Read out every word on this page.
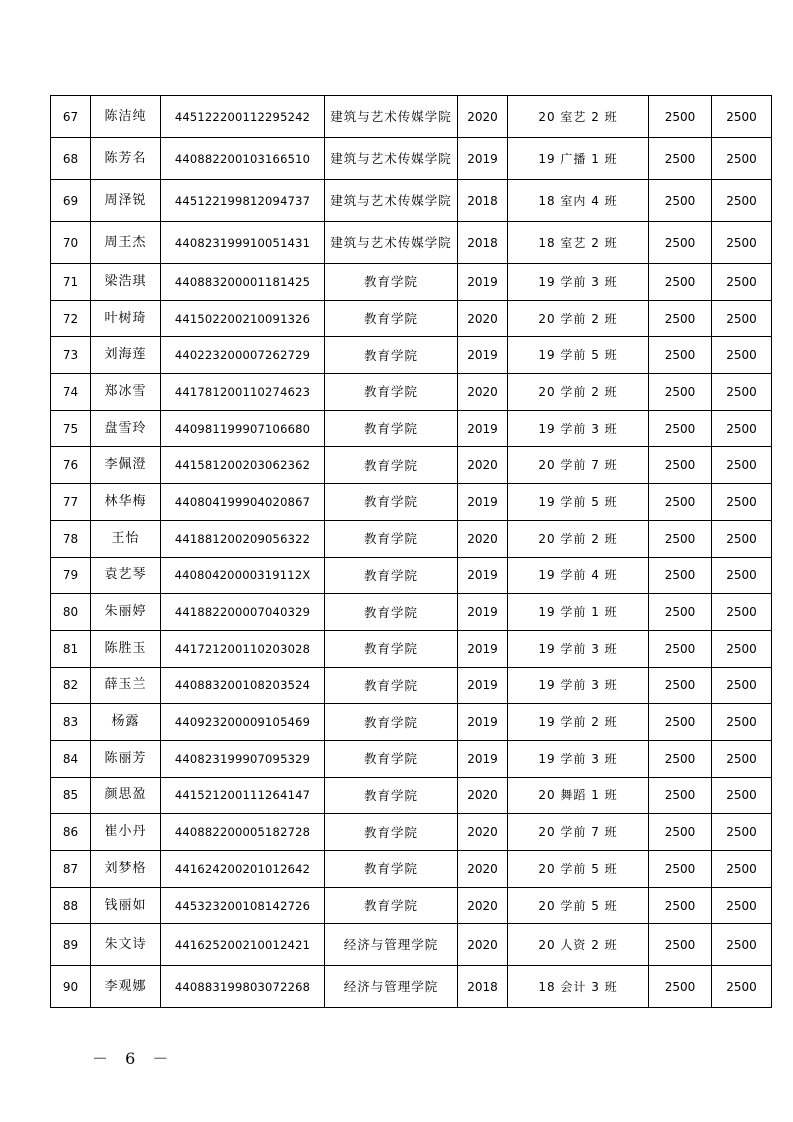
67	陈洁纯	445122200112295242	建筑与艺术传媒学院	2020	20 室艺 2 班	2500	2500
68	陈芳名	440882200103166510	建筑与艺术传媒学院	2019	19 广播 1 班	2500	2500
69	周泽锐	445122199812094737	建筑与艺术传媒学院	2018	18 室内 4 班	2500	2500
70	周王杰	440823199910051431	建筑与艺术传媒学院	2018	18 室艺 2 班	2500	2500
71	梁浩琪	440883200001181425	教育学院	2019	19 学前 3 班	2500	2500
72	叶树琦	441502200210091326	教育学院	2020	20 学前 2 班	2500	2500
73	刘海莲	440223200007262729	教育学院	2019	19 学前 5 班	2500	2500
74	郑冰雪	441781200110274623	教育学院	2020	20 学前 2 班	2500	2500
75	盘雪玲	440981199907106680	教育学院	2019	19 学前 3 班	2500	2500
76	李佩澄	441581200203062362	教育学院	2020	20 学前 7 班	2500	2500
77	林华梅	440804199904020867	教育学院	2019	19 学前 5 班	2500	2500
78	王怡	441881200209056322	教育学院	2020	20 学前 2 班	2500	2500
79	袁艺琴	44080420000319112X	教育学院	2019	19 学前 4 班	2500	2500
80	朱丽婷	441882200007040329	教育学院	2019	19 学前 1 班	2500	2500
81	陈胜玉	441721200110203028	教育学院	2019	19 学前 3 班	2500	2500
82	薛玉兰	440883200108203524	教育学院	2019	19 学前 3 班	2500	2500
83	杨露	440923200009105469	教育学院	2019	19 学前 2 班	2500	2500
84	陈丽芳	440823199907095329	教育学院	2019	19 学前 3 班	2500	2500
85	颜思盈	441521200111264147	教育学院	2020	20 舞蹈 1 班	2500	2500
86	崔小丹	440882200005182728	教育学院	2020	20 学前 7 班	2500	2500
87	刘梦格	441624200201012642	教育学院	2020	20 学前 5 班	2500	2500
88	钱丽如	445323200108142726	教育学院	2020	20 学前 5 班	2500	2500
89	朱文诗	441625200210012421	经济与管理学院	2020	20 人资 2 班	2500	2500
90	李观娜	440883199803072268	经济与管理学院	2018	18 会计 3 班	2500	2500
－ 6 －
